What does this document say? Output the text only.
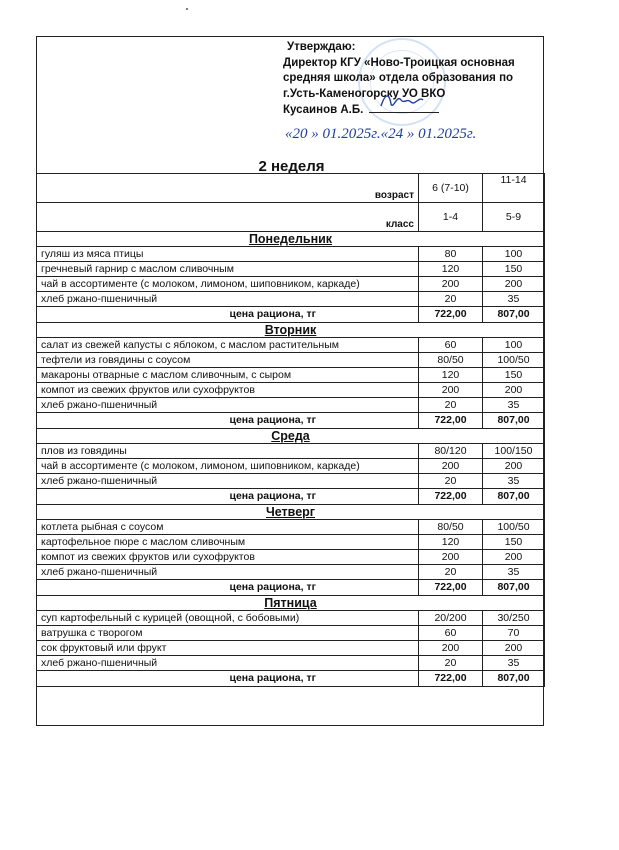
Утверждаю:
Директор КГУ «Ново-Троицкая основная
средняя школа» отдела образования по
г.Усть-Каменогорску УО ВКО
Кусаинов А.Б.
«20 » 01.2025г.«24 » 01.2025г.
2 неделя
возраст	6 (7-10)	11-14
класс	1-4	5-9
Понедельник		
гуляш из мяса птицы	80	100
гречневый гарнир с маслом сливочным	120	150
чай в ассортименте (с молоком, лимоном, шиповником, каркаде)	200	200
хлеб ржано-пшеничный	20	35
цена рациона, тг	722,00	807,00
Вторник		
салат из свежей капусты с яблоком, с маслом растительным	60	100
тефтели из говядины с соусом	80/50	100/50
макароны отварные с маслом сливочным, с сыром	120	150
компот из свежих фруктов или сухофруктов	200	200
хлеб ржано-пшеничный	20	35
цена рациона, тг	722,00	807,00
Среда		
плов из говядины	80/120	100/150
чай в ассортименте (с молоком, лимоном, шиповником, каркаде)	200	200
хлеб ржано-пшеничный	20	35
цена рациона, тг	722,00	807,00
Четверг		
котлета рыбная с соусом	80/50	100/50
картофельное пюре с маслом сливочным	120	150
компот из свежих фруктов или сухофруктов	200	200
хлеб ржано-пшеничный	20	35
цена рациона, тг	722,00	807,00
Пятница		
суп картофельный с курицей (овощной, с бобовыми)	20/200	30/250
ватрушка с творогом	60	70
сок фруктовый или фрукт	200	200
хлеб ржано-пшеничный	20	35
цена рациона, тг	722,00	807,00
